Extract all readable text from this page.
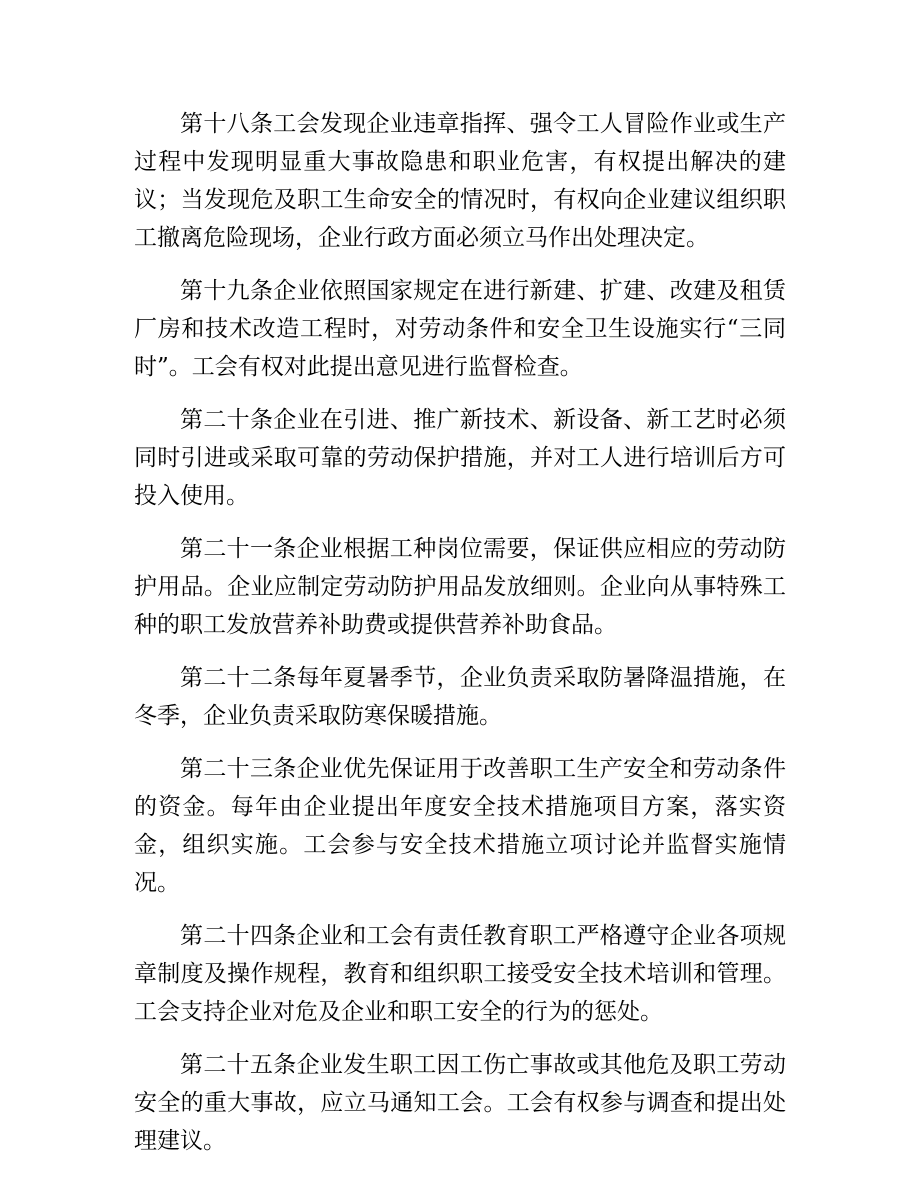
第十八条工会发现企业违章指挥、强令工人冒险作业或生产过程中发现明显重大事故隐患和职业危害，有权提出解决的建议；当发现危及职工生命安全的情况时，有权向企业建议组织职工撤离危险现场，企业行政方面必须立马作出处理决定。

第十九条企业依照国家规定在进行新建、扩建、改建及租赁厂房和技术改造工程时，对劳动条件和安全卫生设施实行“三同时”。工会有权对此提出意见进行监督检查。

第二十条企业在引进、推广新技术、新设备、新工艺时必须同时引进或采取可靠的劳动保护措施，并对工人进行培训后方可投入使用。

第二十一条企业根据工种岗位需要，保证供应相应的劳动防护用品。企业应制定劳动防护用品发放细则。企业向从事特殊工种的职工发放营养补助费或提供营养补助食品。

第二十二条每年夏暑季节，企业负责采取防暑降温措施，在冬季，企业负责采取防寒保暖措施。

第二十三条企业优先保证用于改善职工生产安全和劳动条件的资金。每年由企业提出年度安全技术措施项目方案，落实资金，组织实施。工会参与安全技术措施立项讨论并监督实施情况。

第二十四条企业和工会有责任教育职工严格遵守企业各项规章制度及操作规程，教育和组织职工接受安全技术培训和管理。工会支持企业对危及企业和职工安全的行为的惩处。

第二十五条企业发生职工因工伤亡事故或其他危及职工劳动安全的重大事故，应立马通知工会。工会有权参与调查和提出处理建议。
